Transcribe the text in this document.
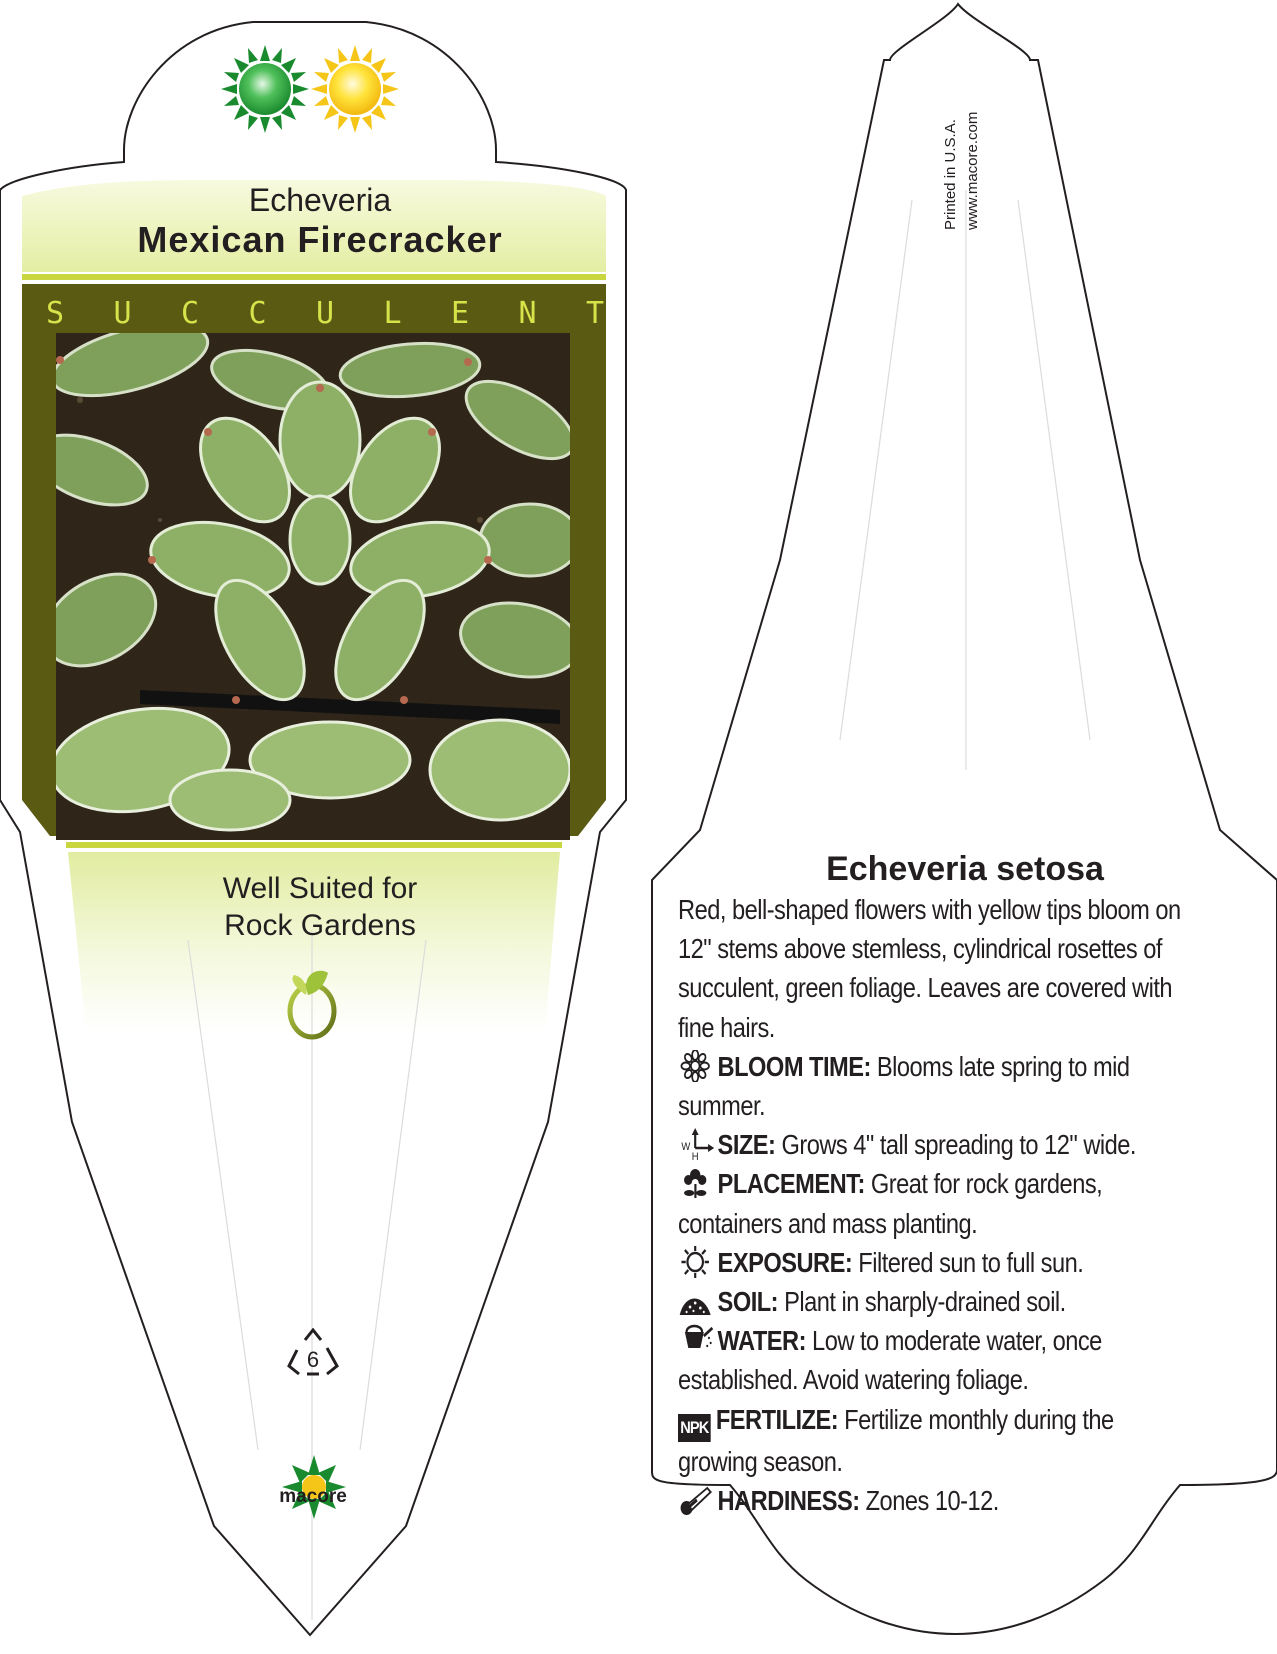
Echeveria
Mexican Firecracker
S U C C U L E N T
Well Suited for
Rock Gardens
6
macore
Printed in U.S.A. www.macore.com
Echeveria setosa

Red, bell-shaped flowers with yellow tips bloom on 12" stems above stemless, cylindrical rosettes of succulent, green foliage. Leaves are covered with fine hairs.

BLOOM TIME: Blooms late spring to mid summer.
W
H SIZE: Grows 4" tall spreading to 12" wide.
PLACEMENT: Great for rock gardens, containers and mass planting.
EXPOSURE: Filtered sun to full sun.
SOIL: Plant in sharply-drained soil.
WATER: Low to moderate water, once established. Avoid watering foliage.
NPK FERTILIZE: Fertilize monthly during the growing season.
HARDINESS: Zones 10-12.
